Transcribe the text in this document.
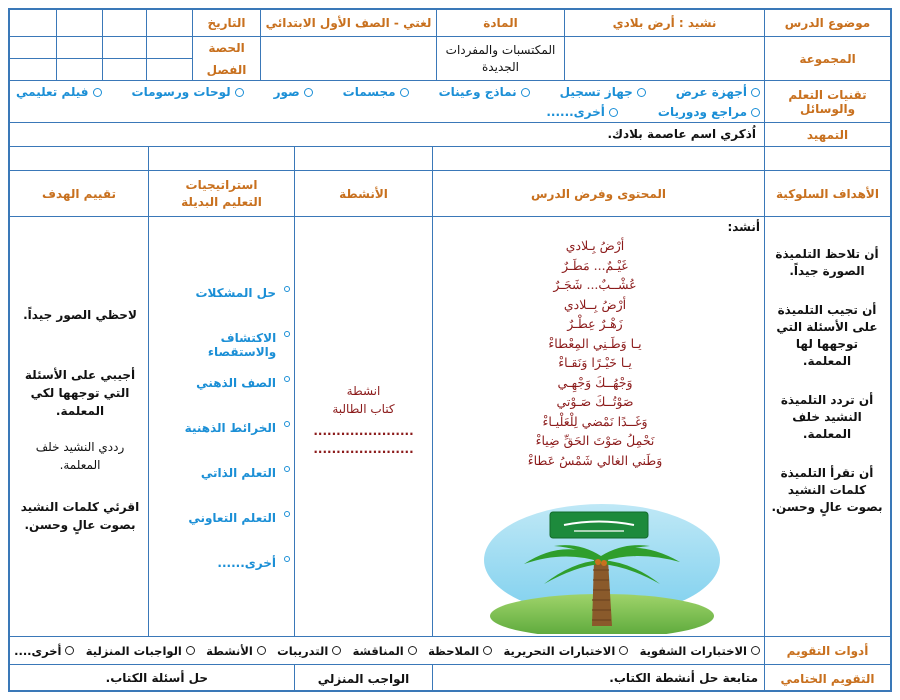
موضوع الدرس
نشيد : أرض بلادي
المادة
لغتي - الصف الأول الابتدائي
التاريخ
المجموعة
المكتسبات والمفردات الجديدة
الحصة
الفصل
تقنيات التعلم والوسائل
أجهزة عرض
جهاز تسجيل
نماذج وعينات
مجسمات
صور
لوحات ورسومات
فيلم تعليمي
مراجع ودوريات
أخرى......
التمهيد
اُذكري اسم عاصمة بلادك.
الأهداف السلوكية
المحتوى وفرض الدرس
الأنشطة
استراتيجيات التعليم البديلة
تقييم الهدف
أن تلاحظ التلميذة الصورة جيداً.
أن تجيب التلميذة على الأسئلة التي توجهها لها المعلمة.
أن تردد التلميذة النشيد خلف المعلمة.
أن تقرأ التلميذة كلمات النشيد بصوت عالٍ وحسن.
أنشد:
أرْضُ بِـلادي
غَيْـمٌ... مَطَـرٌ
عُشْــبٌ... شَجَـرٌ
أرْضُ بِــلادي
زَهْـرٌ عِطْـرٌ
يـا وَطَـنِي المِعْطاءْ
يـا خَيْـرًا وَنَقـاءْ
وَجْهُــكَ وَجْهِـي
صَوْتُــكَ صَـوْتي
وَغَــدًا نَمْضي لِلْعَلْيـاءْ
نَحْمِلُ صَوْتَ الحَقِّ ضِياءْ
وَطَني الغالي شَمْسُ عَطاءْ
انشطة
كتاب الطالبة
......................
......................
حل المشكلات
الاكتشاف والاستقصاء
الصف الذهني
الخرائط الذهنية
التعلم الذاتي
التعلم التعاوني
أخرى......
لاحظي الصور جيداً.
أجيبي على الأسئلة التي توجهها لكي المعلمة.
رددي النشيد خلف المعلمة.
اقرئي كلمات النشيد بصوت عالٍ وحسن.
أدوات التقويم
الاختبارات الشفوية
الاختبارات التحريرية
الملاحظة
المناقشة
التدريبات
الأنشطة
الواجبات المنزلية
أخرى....
التقويم الختامي
متابعة حل أنشطة الكتاب.
الواجب المنزلي
حل أسئلة الكتاب.
